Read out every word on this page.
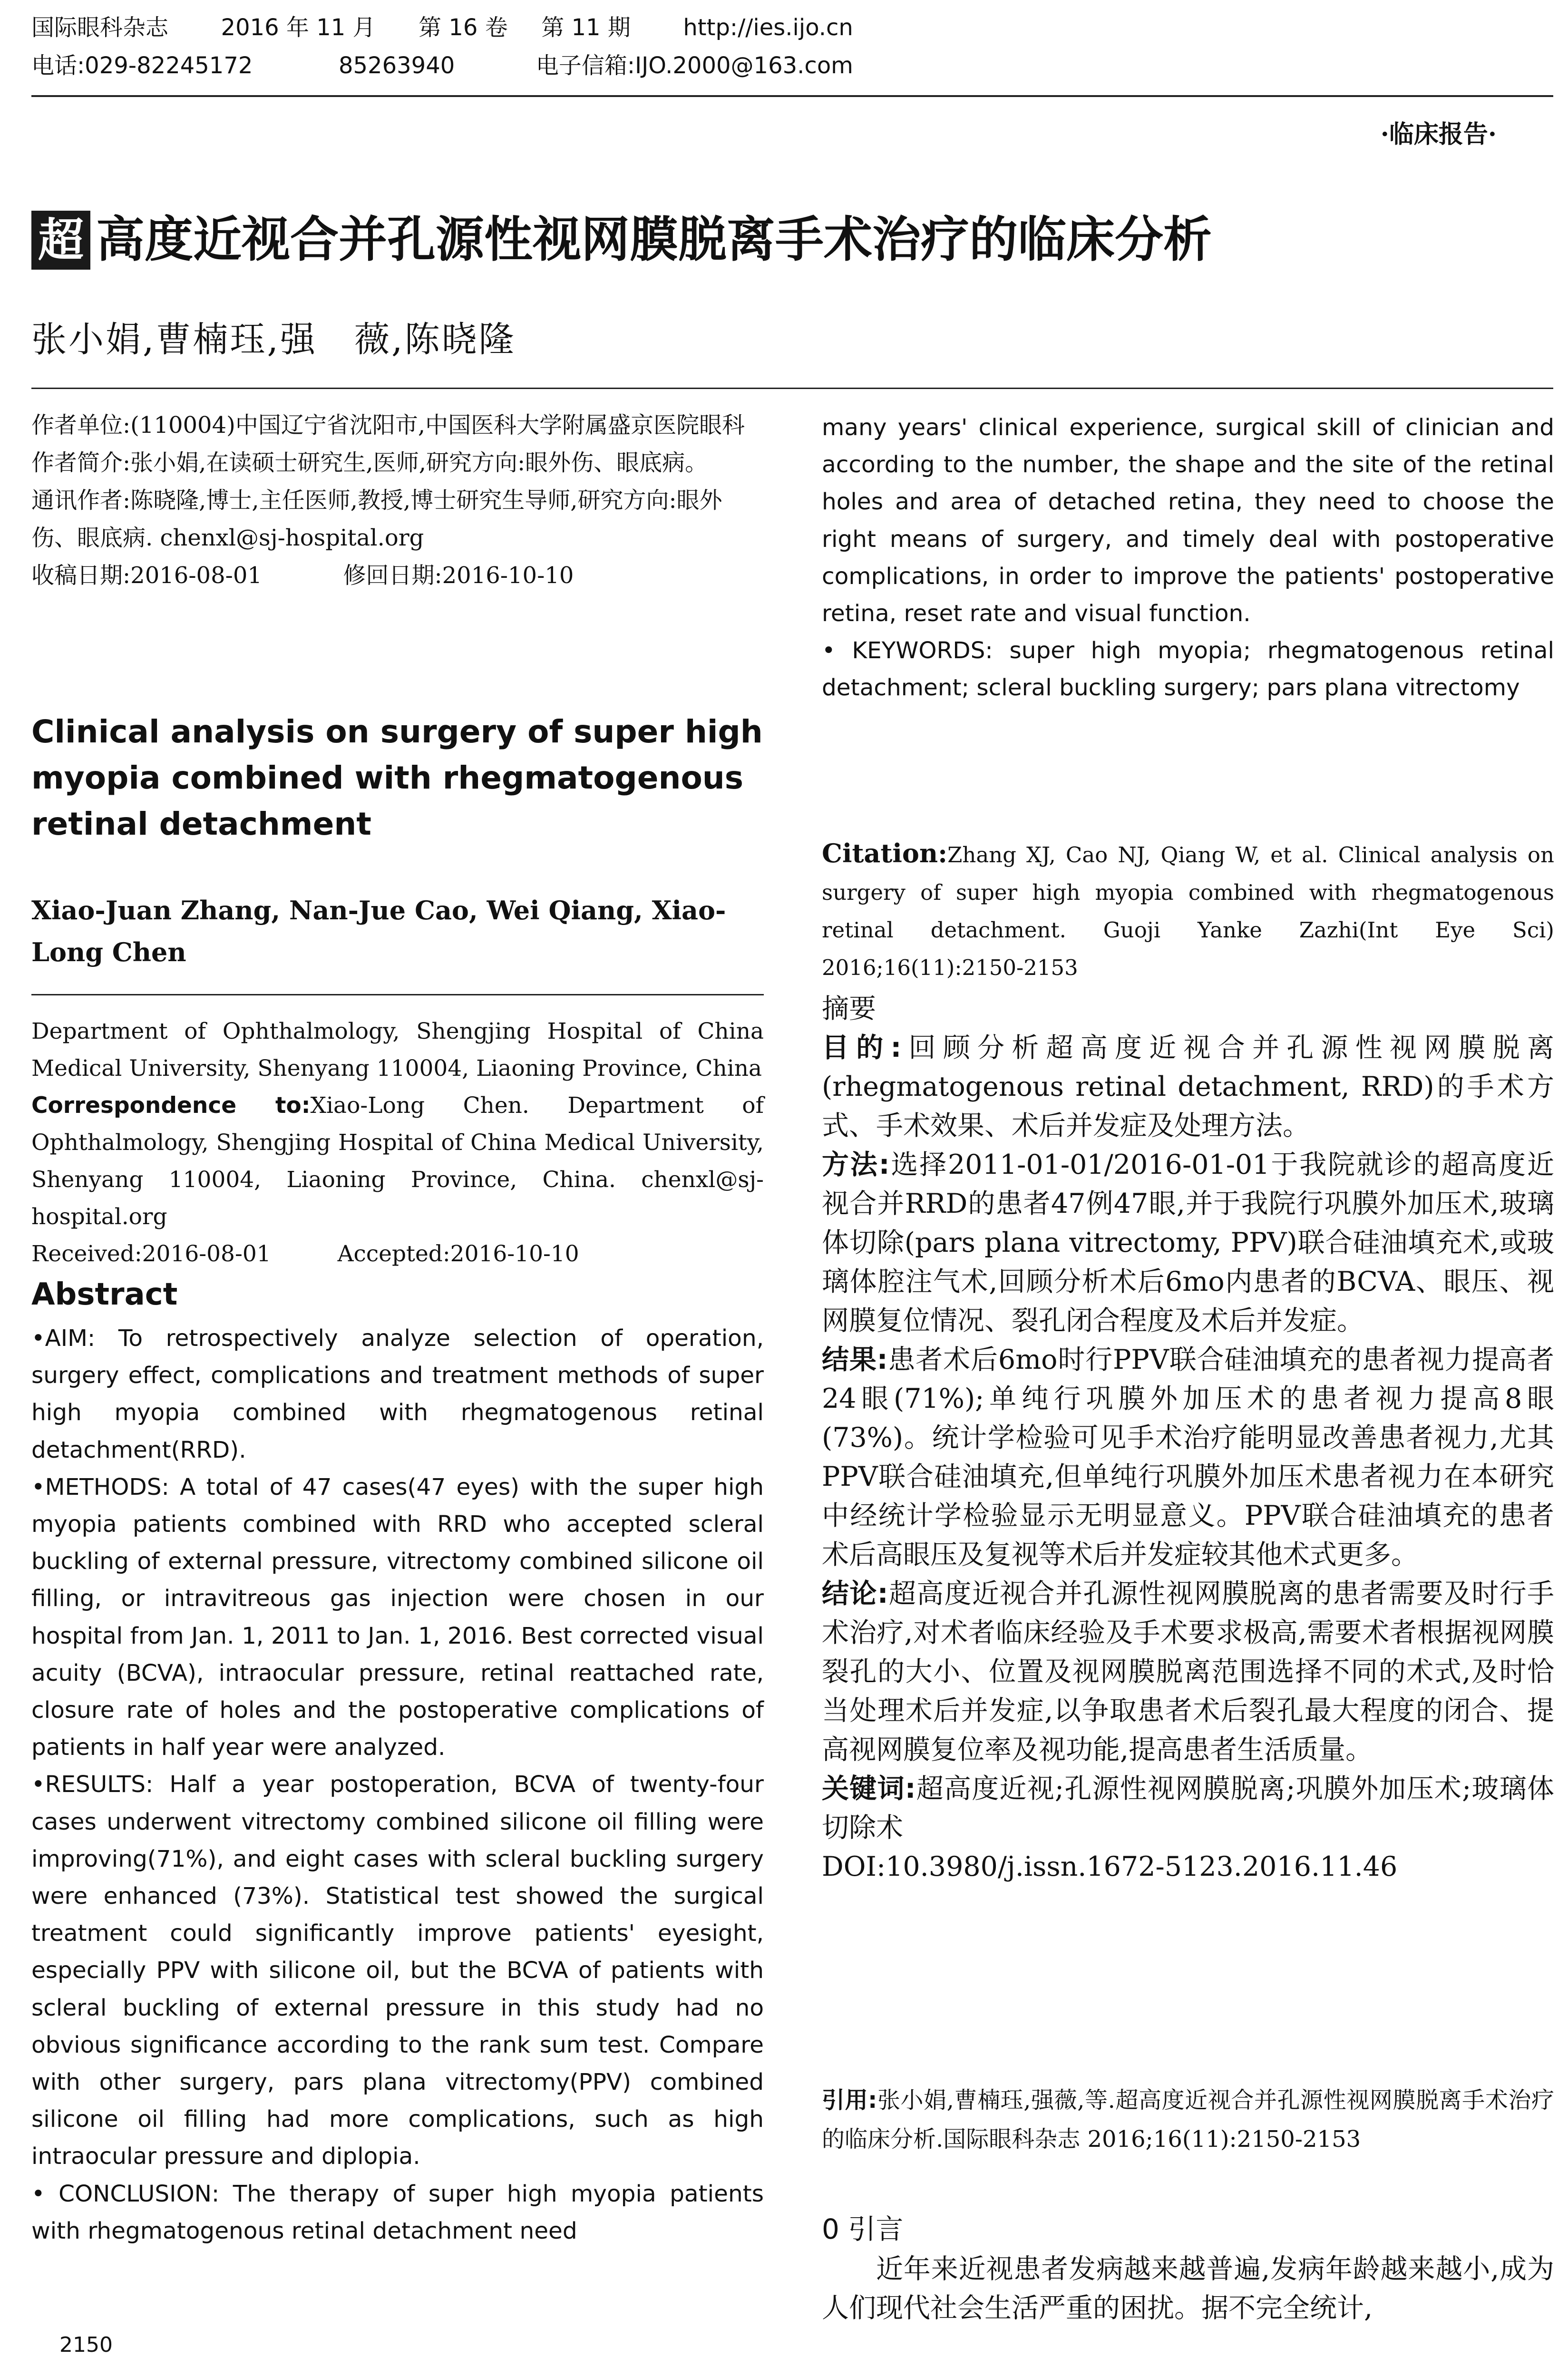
国际眼科杂志 2016 年 11 月 第 16 卷 第 11 期 http://ies.ijo.cn
电话:029-82245172	85263940	电子信箱:IJO.2000@163.com
·临床报告·
超 高度近视合并孔源性视网膜脱离手术治疗的临床分析
张小娟,曹楠珏,强　薇,陈晓隆

作者单位:(110004)中国辽宁省沈阳市,中国医科大学附属盛京医院眼科

作者简介:张小娟,在读硕士研究生,医师,研究方向:眼外伤、眼底病。

通讯作者:陈晓隆,博士,主任医师,教授,博士研究生导师,研究方向:眼外伤、眼底病. chenxl@sj-hospital.org

收稿日期:2016-08-01	修回日期:2016-10-10

Clinical analysis on surgery of super high myopia combined with rhegmatogenous retinal detachment
Xiao-Juan Zhang, Nan-Jue Cao, Wei Qiang, Xiao-Long Chen
Department of Ophthalmology, Shengjing Hospital of China Medical University, Shenyang 110004, Liaoning Province, China
Correspondence to:Xiao-Long Chen. Department of Ophthalmology, Shengjing Hospital of China Medical University, Shenyang 110004, Liaoning Province, China. chenxl@sj-hospital.org
Received:2016-08-01	Accepted:2016-10-10
Abstract

•AIM: To retrospectively analyze selection of operation, surgery effect, complications and treatment methods of super high myopia combined with rhegmatogenous retinal detachment(RRD).

•METHODS: A total of 47 cases(47 eyes) with the super high myopia patients combined with RRD who accepted scleral buckling of external pressure, vitrectomy combined silicone oil filling, or intravitreous gas injection were chosen in our hospital from Jan. 1, 2011 to Jan. 1, 2016. Best corrected visual acuity (BCVA), intraocular pressure, retinal reattached rate, closure rate of holes and the postoperative complications of patients in half year were analyzed.

•RESULTS: Half a year postoperation, BCVA of twenty-four cases underwent vitrectomy combined silicone oil filling were improving(71%), and eight cases with scleral buckling surgery were enhanced (73%). Statistical test showed the surgical treatment could significantly improve patients' eyesight, especially PPV with silicone oil, but the BCVA of patients with scleral buckling of external pressure in this study had no obvious significance according to the rank sum test. Compare with other surgery, pars plana vitrectomy(PPV) combined silicone oil filling had more complications, such as high intraocular pressure and diplopia.

• CONCLUSION: The therapy of super high myopia patients with rhegmatogenous retinal detachment need

2150

many years' clinical experience, surgical skill of clinician and according to the number, the shape and the site of the retinal holes and area of detached retina, they need to choose the right means of surgery, and timely deal with postoperative complications, in order to improve the patients' postoperative retina, reset rate and visual function.

• KEYWORDS: super high myopia; rhegmatogenous retinal detachment; scleral buckling surgery; pars plana vitrectomy

Citation:Zhang XJ, Cao NJ, Qiang W, et al. Clinical analysis on surgery of super high myopia combined with rhegmatogenous retinal detachment. Guoji Yanke Zazhi(Int Eye Sci) 2016;16(11):2150-2153

摘要

目的:回顾分析超高度近视合并孔源性视网膜脱离(rhegmatogenous retinal detachment, RRD)的手术方式、手术效果、术后并发症及处理方法。

方法:选择2011-01-01/2016-01-01于我院就诊的超高度近视合并RRD的患者47例47眼,并于我院行巩膜外加压术,玻璃体切除(pars plana vitrectomy, PPV)联合硅油填充术,或玻璃体腔注气术,回顾分析术后6mo内患者的BCVA、眼压、视网膜复位情况、裂孔闭合程度及术后并发症。

结果:患者术后6mo时行PPV联合硅油填充的患者视力提高者24眼(71%);单纯行巩膜外加压术的患者视力提高8眼(73%)。统计学检验可见手术治疗能明显改善患者视力,尤其PPV联合硅油填充,但单纯行巩膜外加压术患者视力在本研究中经统计学检验显示无明显意义。PPV联合硅油填充的患者术后高眼压及复视等术后并发症较其他术式更多。

结论:超高度近视合并孔源性视网膜脱离的患者需要及时行手术治疗,对术者临床经验及手术要求极高,需要术者根据视网膜裂孔的大小、位置及视网膜脱离范围选择不同的术式,及时恰当处理术后并发症,以争取患者术后裂孔最大程度的闭合、提高视网膜复位率及视功能,提高患者生活质量。

关键词:超高度近视;孔源性视网膜脱离;巩膜外加压术;玻璃体切除术

DOI:10.3980/j.issn.1672-5123.2016.11.46

引用:张小娟,曹楠珏,强薇,等.超高度近视合并孔源性视网膜脱离手术治疗的临床分析.国际眼科杂志 2016;16(11):2150-2153
0 引言
近年来近视患者发病越来越普遍,发病年龄越来越小,成为人们现代社会生活严重的困扰。据不完全统计,
